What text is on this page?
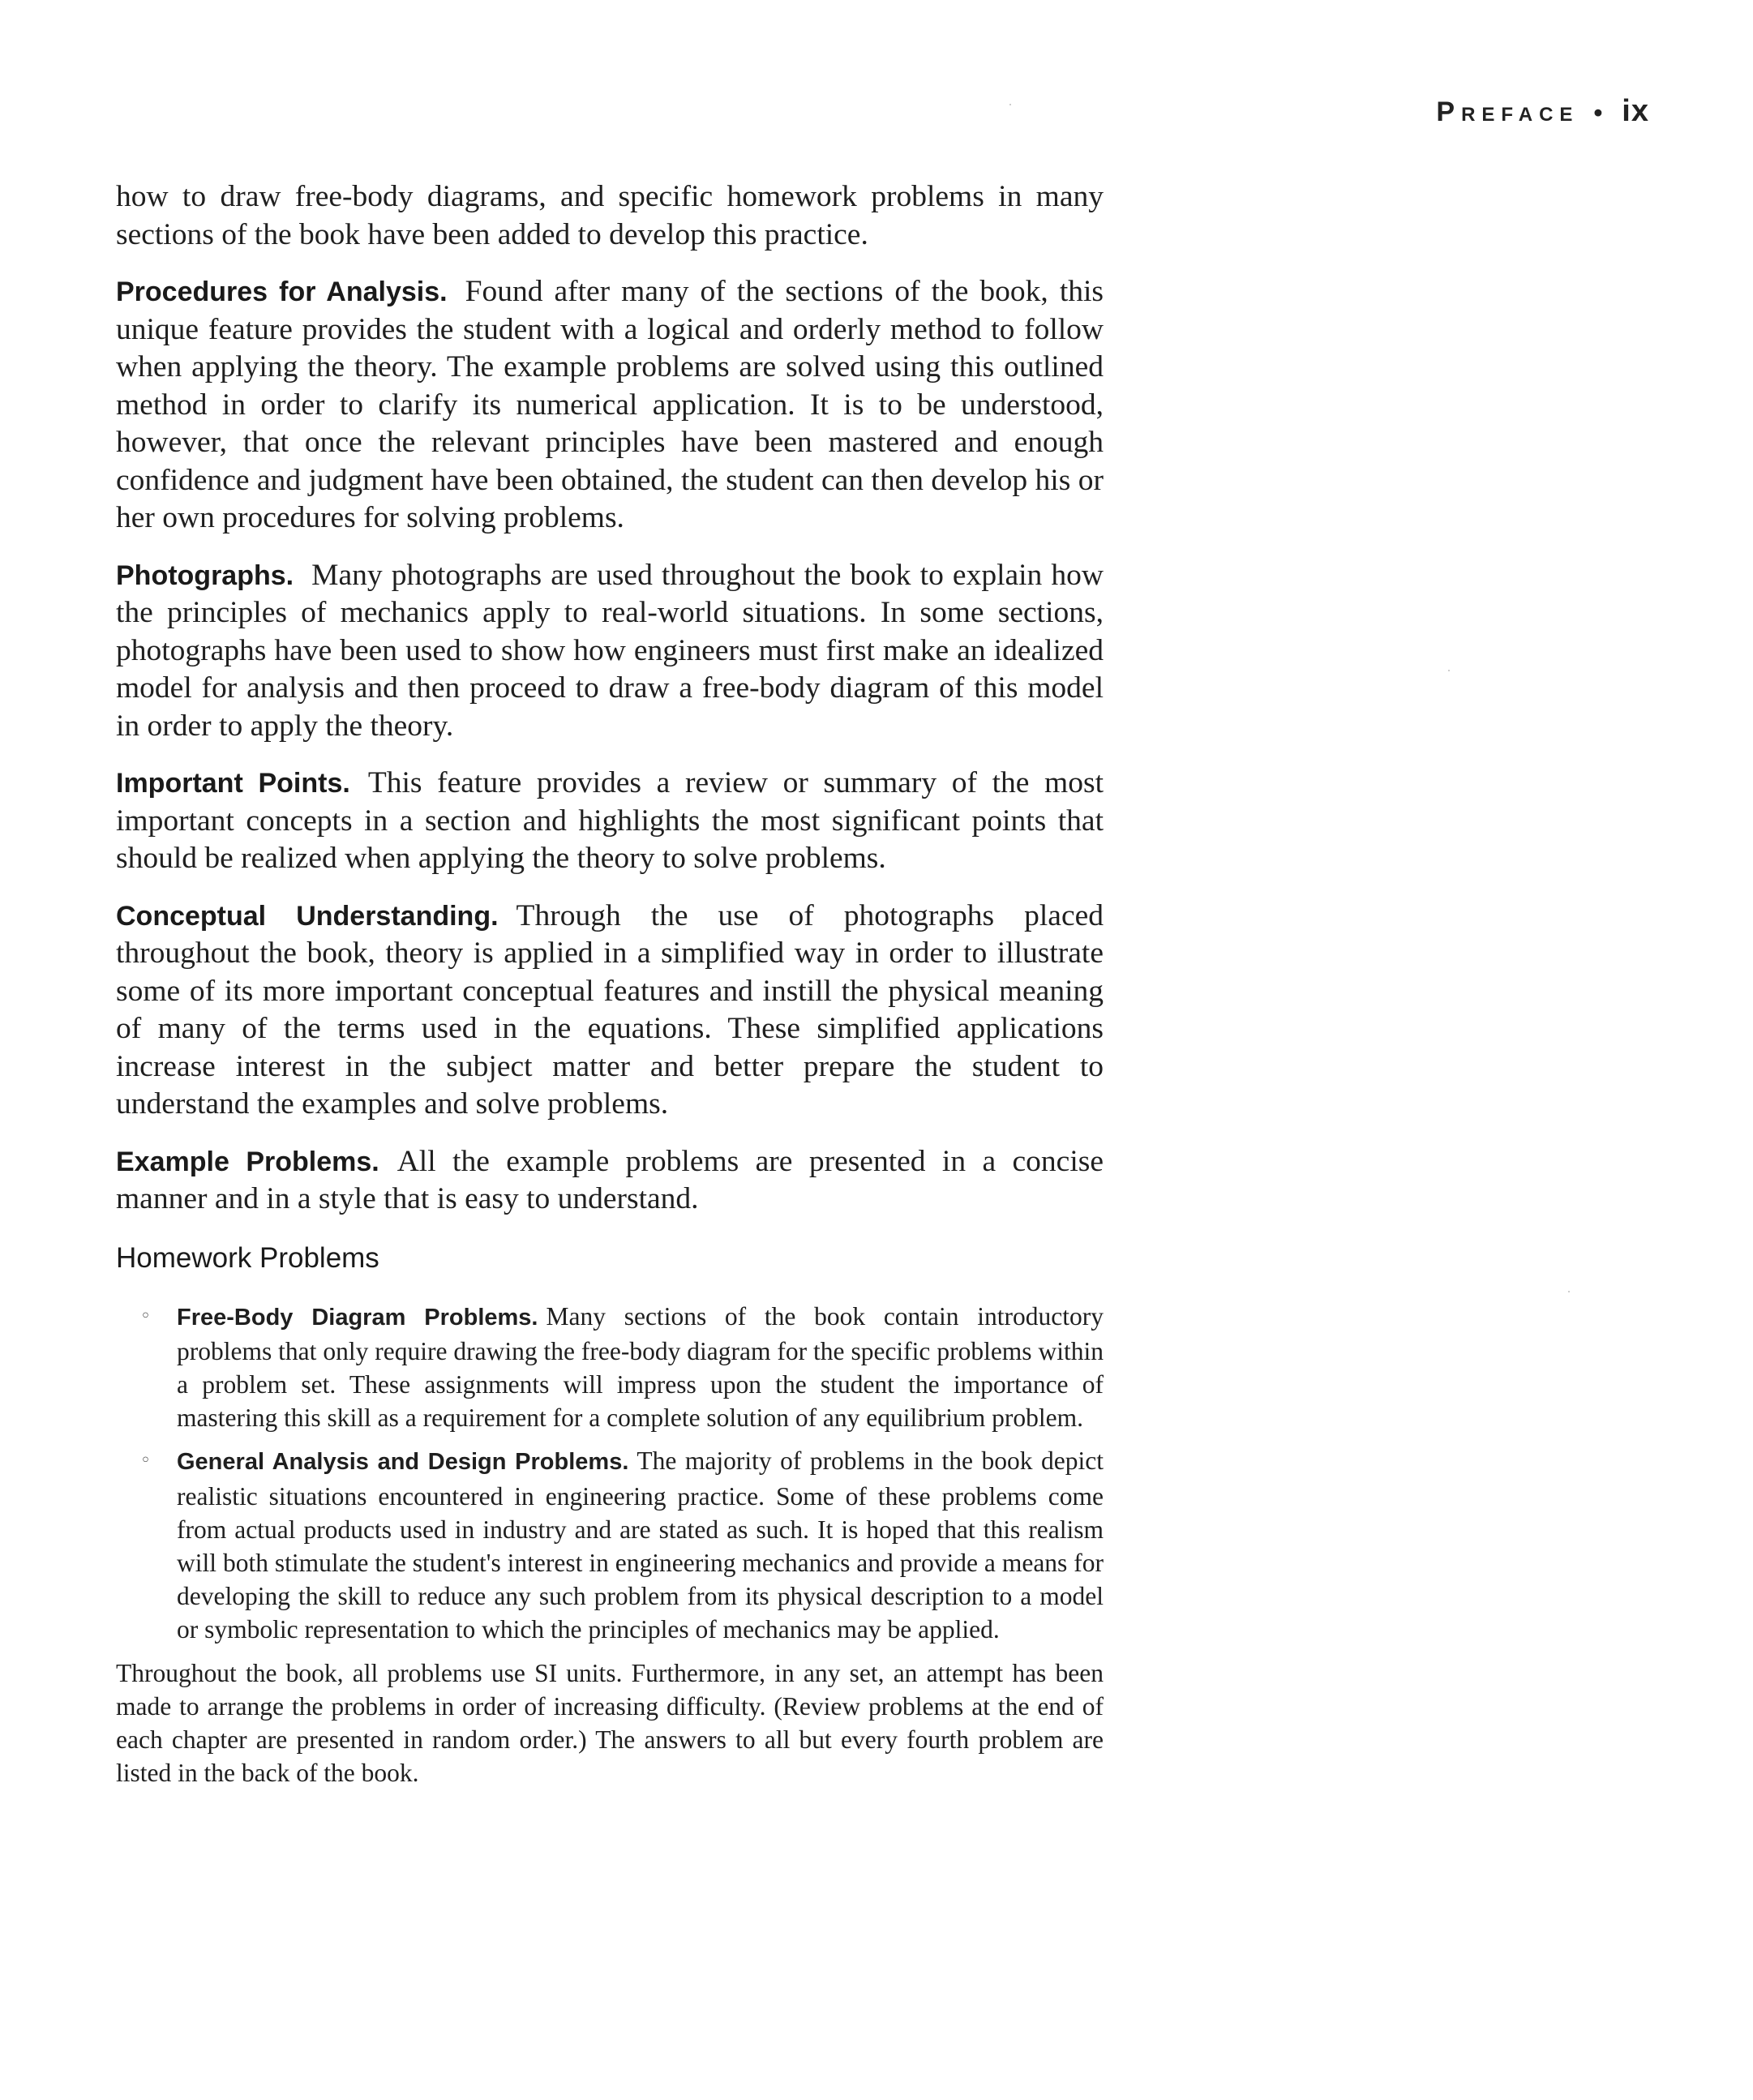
Preface • ix

how to draw free-body diagrams, and specific homework problems in many sections of the book have been added to develop this practice.

Procedures for Analysis. Found after many of the sections of the book, this unique feature provides the student with a logical and orderly method to follow when applying the theory. The example problems are solved using this outlined method in order to clarify its numerical application. It is to be understood, however, that once the relevant principles have been mastered and enough confidence and judgment have been obtained, the student can then develop his or her own procedures for solving problems.

Photographs. Many photographs are used throughout the book to explain how the principles of mechanics apply to real-world situations. In some sections, photographs have been used to show how engineers must first make an idealized model for analysis and then proceed to draw a free-body diagram of this model in order to apply the theory.

Important Points. This feature provides a review or summary of the most important concepts in a section and highlights the most significant points that should be realized when applying the theory to solve problems.

Conceptual Understanding. Through the use of photographs placed throughout the book, theory is applied in a simplified way in order to illustrate some of its more important conceptual features and instill the physical meaning of many of the terms used in the equations. These simplified applications increase interest in the subject matter and better prepare the student to understand the examples and solve problems.

Example Problems. All the example problems are presented in a concise manner and in a style that is easy to understand.

Homework Problems
◦ Free-Body Diagram Problems. Many sections of the book contain introductory problems that only require drawing the free-body diagram for the specific problems within a problem set. These assignments will impress upon the student the importance of mastering this skill as a requirement for a complete solution of any equilibrium problem.
◦ General Analysis and Design Problems. The majority of problems in the book depict realistic situations encountered in engineering practice. Some of these problems come from actual products used in industry and are stated as such. It is hoped that this realism will both stimulate the student's interest in engineering mechanics and provide a means for developing the skill to reduce any such problem from its physical description to a model or symbolic representation to which the principles of mechanics may be applied.

Throughout the book, all problems use SI units. Furthermore, in any set, an attempt has been made to arrange the problems in order of increasing difficulty. (Review problems at the end of each chapter are presented in random order.) The answers to all but every fourth problem are listed in the back of the book.
